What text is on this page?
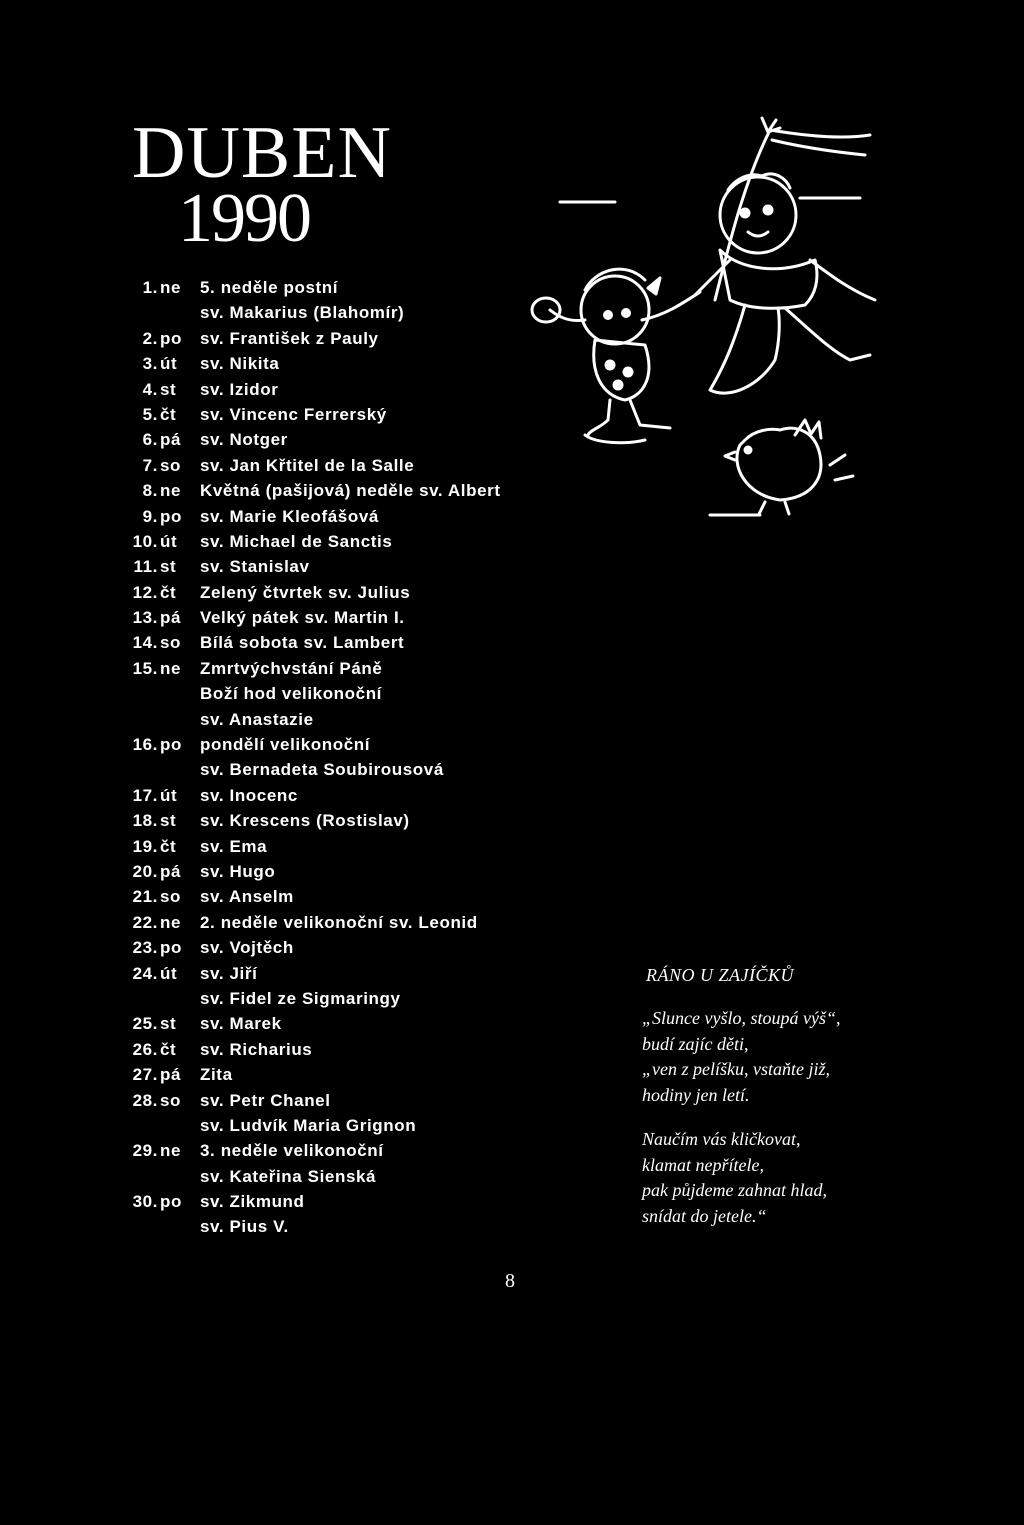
DUBEN
1990
1. ne 5. neděle postní
sv. Makarius (Blahomír)
2. po sv. František z Pauly
3. út sv. Nikita
4. st sv. Izidor
5. čt sv. Vincenc Ferrerský
6. pá sv. Notger
7. so sv. Jan Křtitel de la Salle
8. ne Květná (pašijová) neděle sv. Albert
9. po sv. Marie Kleofášová
10. út sv. Michael de Sanctis
11. st sv. Stanislav
12. čt Zelený čtvrtek sv. Julius
13. pá Velký pátek sv. Martin I.
14. so Bílá sobota sv. Lambert
15. ne Zmrtvýchvstání Páně
Boží hod velikonoční
sv. Anastazie
16. po pondělí velikonoční
sv. Bernadeta Soubirousová
17. út sv. Inocenc
18. st sv. Krescens (Rostislav)
19. čt sv. Ema
20. pá sv. Hugo
21. so sv. Anselm
22. ne 2. neděle velikonoční sv. Leonid
23. po sv. Vojtěch
24. út sv. Jiří
sv. Fidel ze Sigmaringy
25. st sv. Marek
26. čt sv. Richarius
27. pá Zita
28. so sv. Petr Chanel
sv. Ludvík Maria Grignon
29. ne 3. neděle velikonoční
sv. Kateřina Sienská
30. po sv. Zikmund
sv. Pius V.
RÁNO U ZAJÍČKŮ
„Slunce vyšlo, stoupá výš“,
budí zajíc děti,
„ven z pelíšku, vstaňte již,
hodiny jen letí.
Naučím vás kličkovat,
klamat nepřítele,
pak půjdeme zahnat hlad,
snídat do jetele.“
8
